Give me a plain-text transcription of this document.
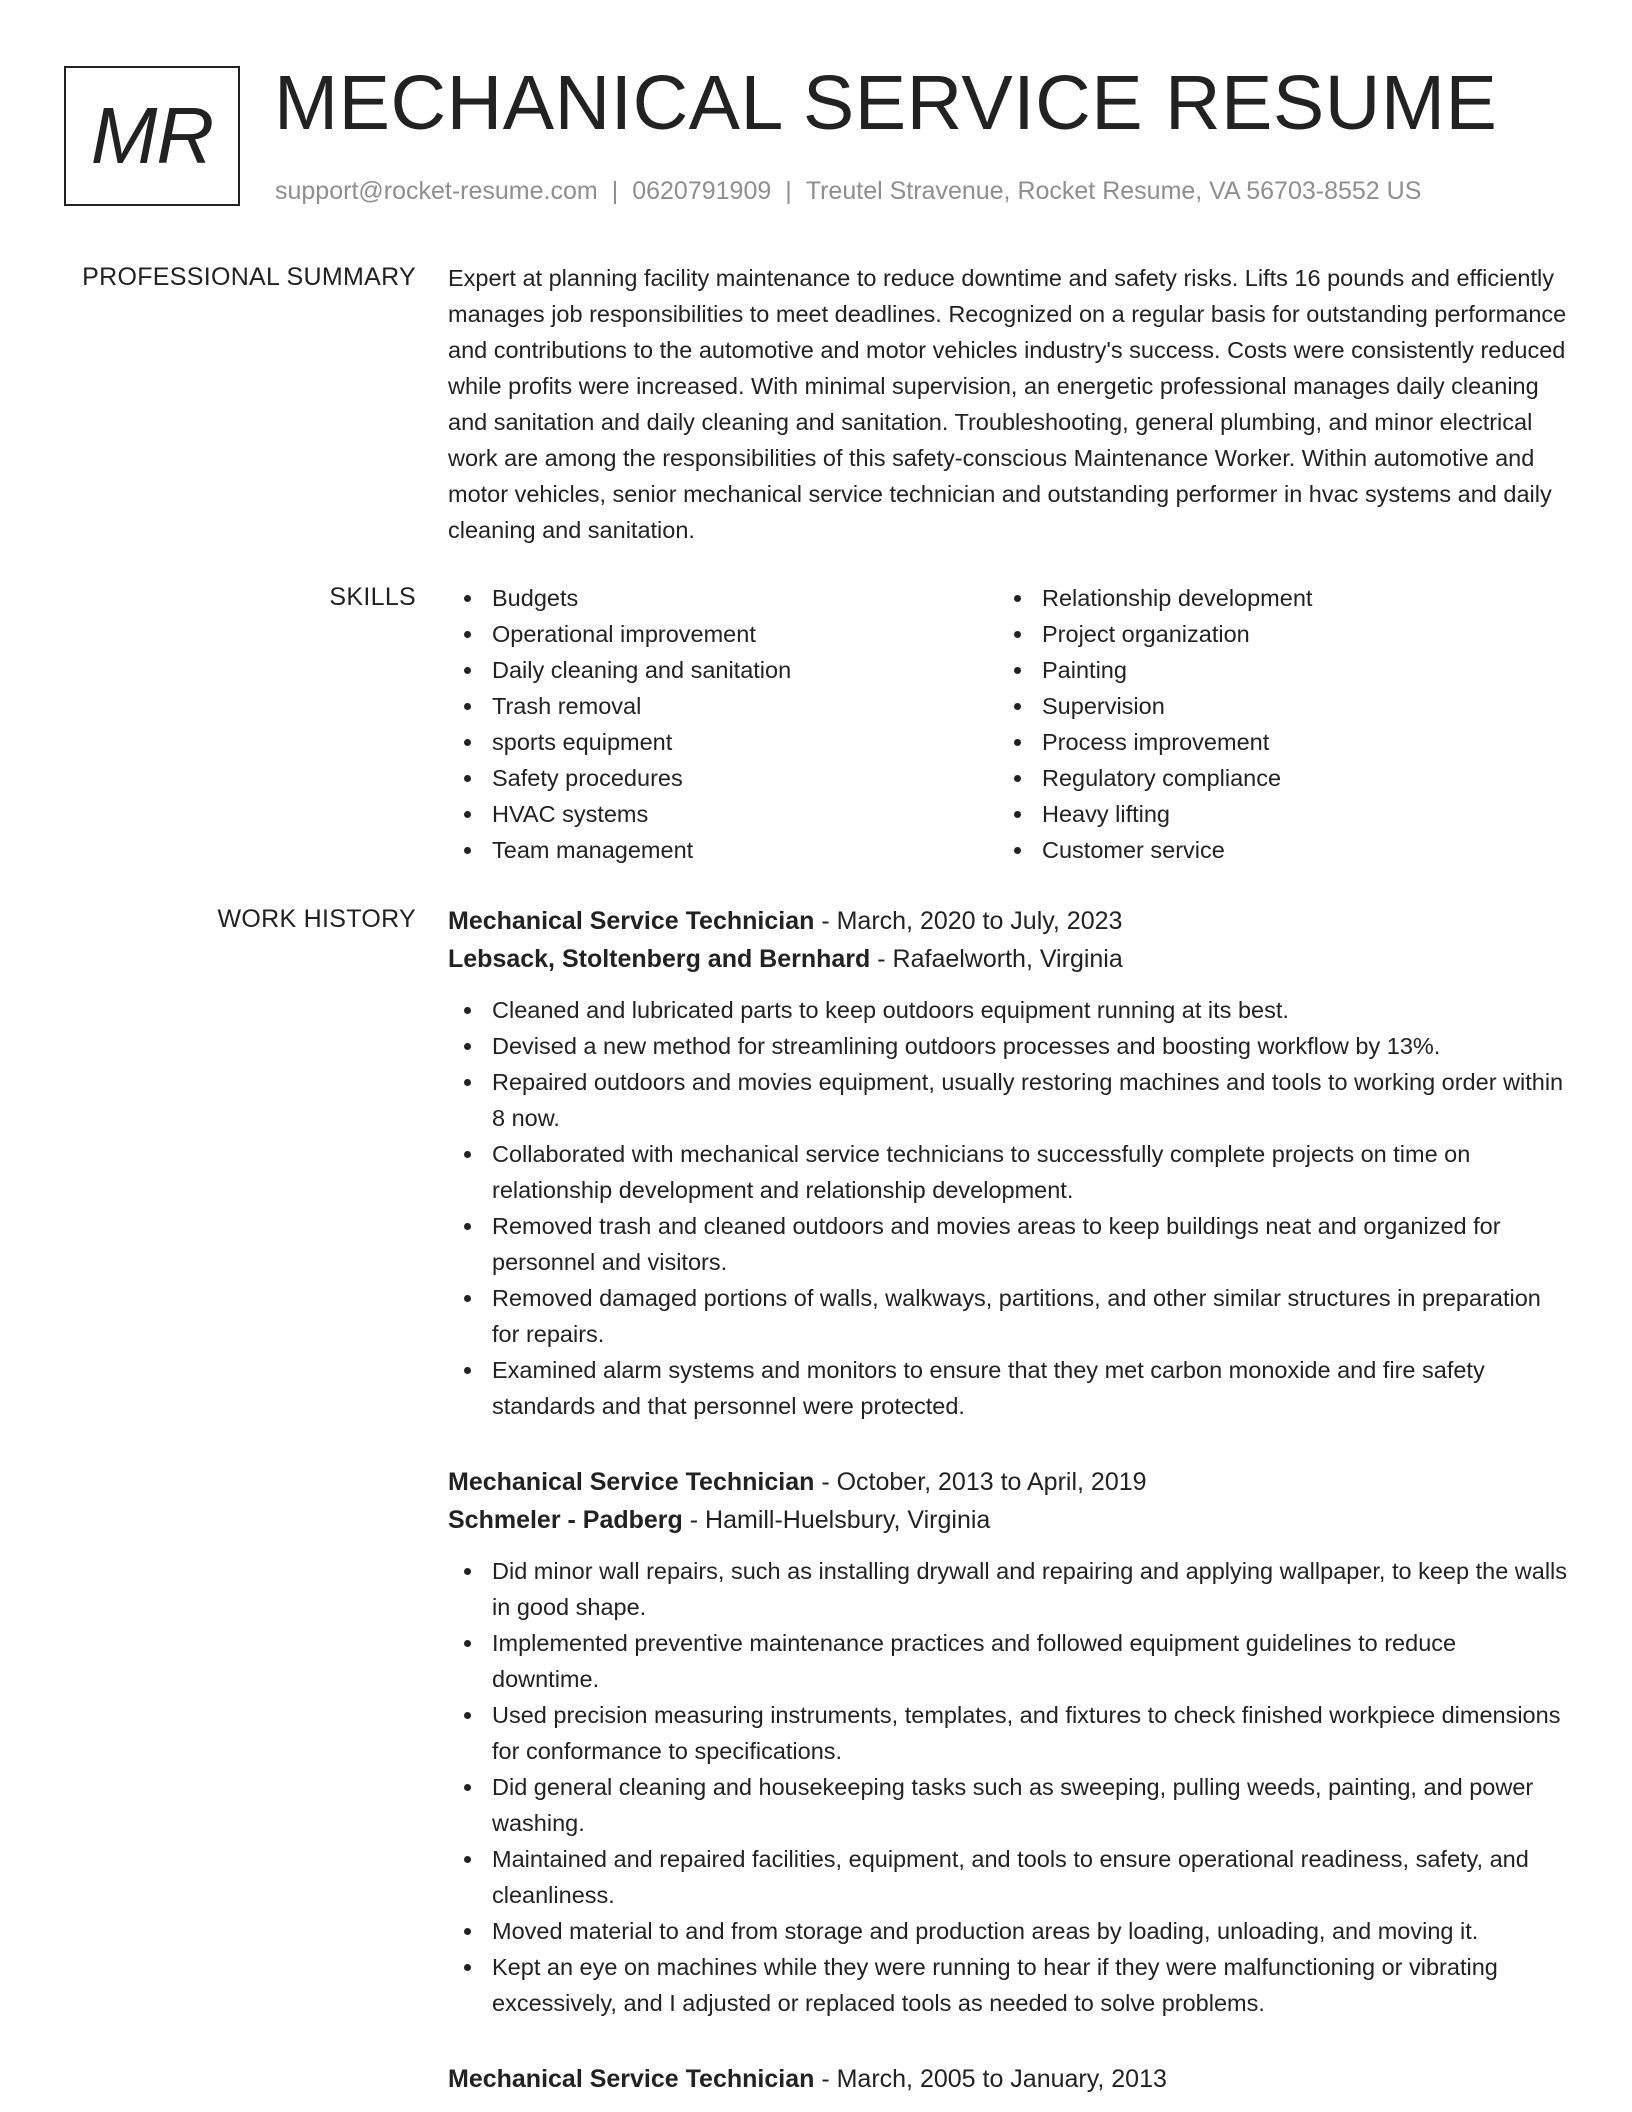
MR MECHANICAL SERVICE RESUME
support@rocket-resume.com | 0620791909 | Treutel Stravenue, Rocket Resume, VA 56703-8552 US
PROFESSIONAL SUMMARY Expert at planning facility maintenance to reduce downtime and safety risks. Lifts 16 pounds and efficiently manages job responsibilities to meet deadlines. Recognized on a regular basis for outstanding performance and contributions to the automotive and motor vehicles industry's success. Costs were consistently reduced while profits were increased. With minimal supervision, an energetic professional manages daily cleaning and sanitation and daily cleaning and sanitation. Troubleshooting, general plumbing, and minor electrical work are among the responsibilities of this safety-conscious Maintenance Worker. Within automotive and motor vehicles, senior mechanical service technician and outstanding performer in hvac systems and daily cleaning and sanitation.

SKILLS	Budgets
Operational improvement
Daily cleaning and sanitation
Trash removal
sports equipment
Safety procedures
HVAC systems
Team management
Relationship development
Project organization
Painting
Supervision
Process improvement
Regulatory compliance
Heavy lifting
Customer service
WORK HISTORY Mechanical Service Technician - March, 2020 to July, 2023
Lebsack, Stoltenberg and Bernhard - Rafaelworth, Virginia
Cleaned and lubricated parts to keep outdoors equipment running at its best.
Devised a new method for streamlining outdoors processes and boosting workflow by 13%.
Repaired outdoors and movies equipment, usually restoring machines and tools to working order within 8 now.
Collaborated with mechanical service technicians to successfully complete projects on time on relationship development and relationship development.
Removed trash and cleaned outdoors and movies areas to keep buildings neat and organized for personnel and visitors.
Removed damaged portions of walls, walkways, partitions, and other similar structures in preparation for repairs.
Examined alarm systems and monitors to ensure that they met carbon monoxide and fire safety standards and that personnel were protected.
Mechanical Service Technician - October, 2013 to April, 2019
Schmeler - Padberg - Hamill-Huelsbury, Virginia
Did minor wall repairs, such as installing drywall and repairing and applying wallpaper, to keep the walls in good shape.
Implemented preventive maintenance practices and followed equipment guidelines to reduce downtime.
Used precision measuring instruments, templates, and fixtures to check finished workpiece dimensions for conformance to specifications.
Did general cleaning and housekeeping tasks such as sweeping, pulling weeds, painting, and power washing.
Maintained and repaired facilities, equipment, and tools to ensure operational readiness, safety, and cleanliness.
Moved material to and from storage and production areas by loading, unloading, and moving it.
Kept an eye on machines while they were running to hear if they were malfunctioning or vibrating excessively, and I adjusted or replaced tools as needed to solve problems.
Mechanical Service Technician - March, 2005 to January, 2013
